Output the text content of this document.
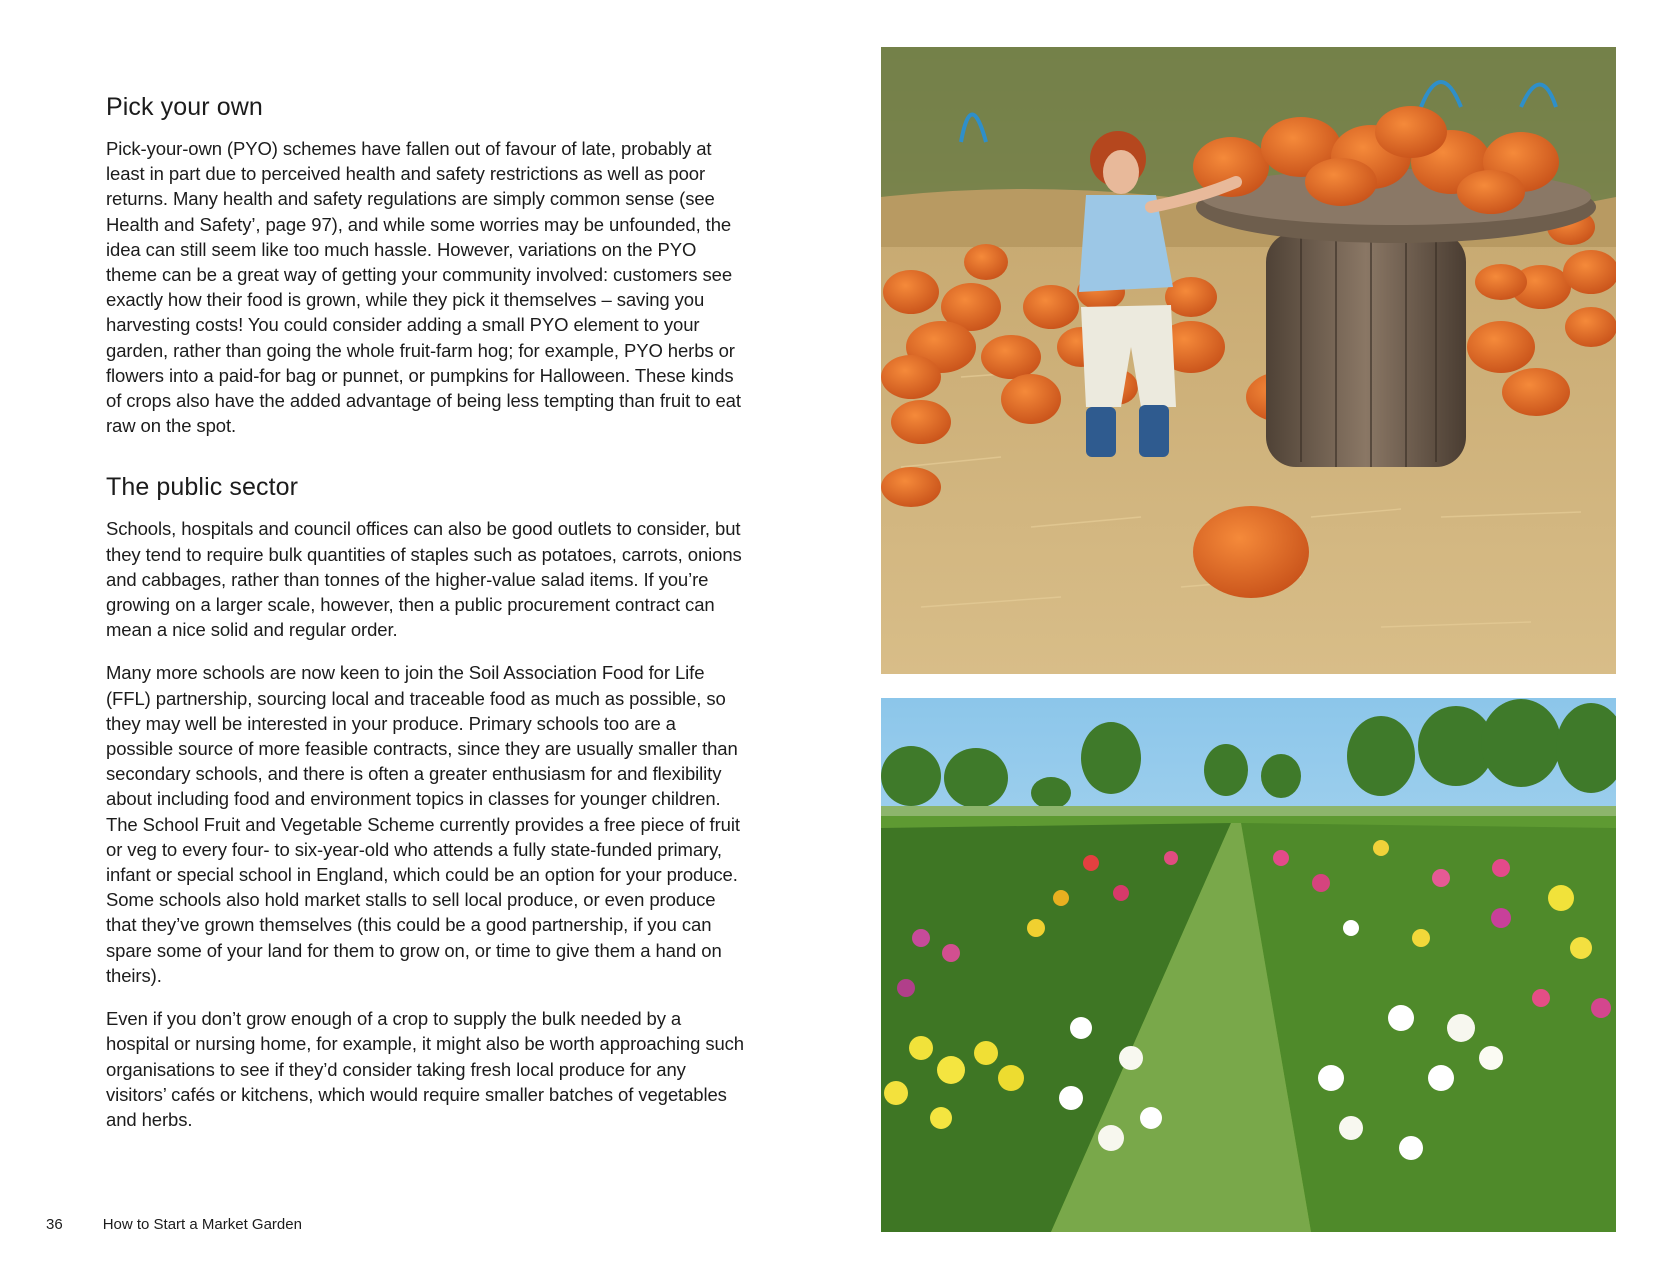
Pick your own

Pick-your-own (PYO) schemes have fallen out of favour of late, probably at least in part due to perceived health and safety restrictions as well as poor returns. Many health and safety regulations are simply common sense (see Health and Safety’, page 97), and while some worries may be unfounded, the idea can still seem like too much hassle. However, variations on the PYO theme can be a great way of getting your community involved: customers see exactly how their food is grown, while they pick it themselves – saving you harvesting costs! You could consider adding a small PYO element to your garden, rather than going the whole fruit-farm hog; for example, PYO herbs or flowers into a paid-for bag or punnet, or pumpkins for Halloween. These kinds of crops also have the added advantage of being less tempting than fruit to eat raw on the spot.

The public sector

Schools, hospitals and council offices can also be good outlets to consider, but they tend to require bulk quantities of staples such as potatoes, carrots, onions and cabbages, rather than tonnes of the higher-value salad items. If you’re growing on a larger scale, however, then a public procurement contract can mean a nice solid and regular order.

Many more schools are now keen to join the Soil Association Food for Life (FFL) partnership, sourcing local and traceable food as much as possible, so they may well be interested in your produce. Primary schools too are a possible source of more feasible contracts, since they are usually smaller than secondary schools, and there is often a greater enthusiasm for and flexibility about including food and environment topics in classes for younger children. The School Fruit and Vegetable Scheme currently provides a free piece of fruit or veg to every four- to six-year-old who attends a fully state-funded primary, infant or special school in England, which could be an option for your produce. Some schools also hold market stalls to sell local produce, or even produce that they’ve grown themselves (this could be a good partnership, if you can spare some of your land for them to grow on, or time to give them a hand on theirs).

Even if you don’t grow enough of a crop to supply the bulk needed by a hospital or nursing home, for example, it might also be worth approaching such organisations to see if they’d consider taking fresh local produce for any visitors’ cafés or kitchens, which would require smaller batches of vegetables and herbs.

36	How to Start a Market Garden
